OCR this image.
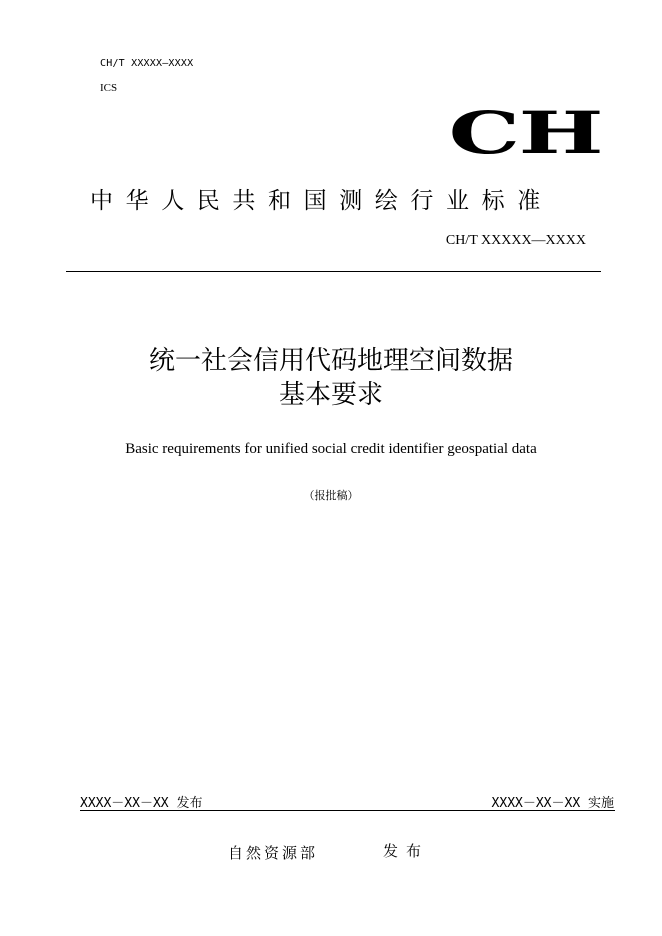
CH/T XXXXX—XXXX
ICS
CH
中华人民共和国测绘行业标准
CH/T XXXXX—XXXX
统一社会信用代码地理空间数据
基本要求
Basic requirements for unified social credit identifier geospatial data
（报批稿）
XXXX－XX－XX 发布	XXXX－XX－XX 实施
自然资源部	发布
